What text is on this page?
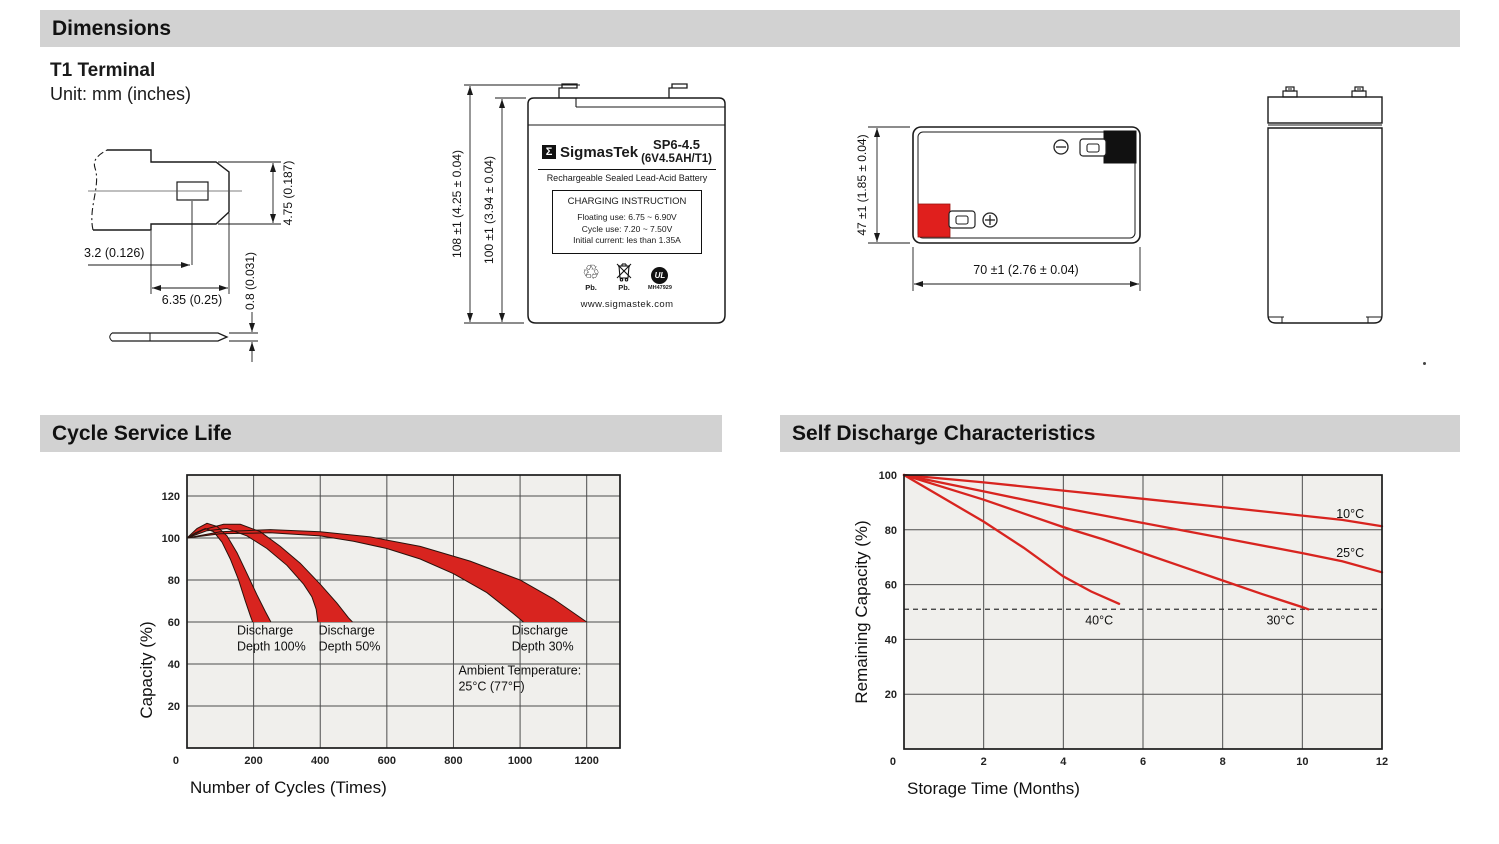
Dimensions
Cycle Service Life	Self Discharge Characteristics
T1 Terminal
Unit: mm (inches)
3.2 (0.126)
6.35 (0.25)
4.75 (0.187)
0.8 (0.031)
108 ±1 (4.25 ± 0.04) 100 ±1 (3.94 ± 0.04)	47 ±1 (1.85 ± 0.04)
70 ±1 (2.76 ± 0.04)
Σ SigmasTek	SP6-4.5
(6V4.5AH/T1)
Rechargeable Sealed Lead-Acid Battery
CHARGING INSTRUCTION
Floating use: 6.75 ~ 6.90V
Cycle use: 7.20 ~ 7.50V
Initial current: les than 1.35A
♲
Pb.	Pb.
UL
MH47929
www.sigmastek.com
200	400	600	800	1000	1200
20
40
60
80
100
120
0
Discharge
Depth 100%
Discharge
Depth 50%
Discharge
Depth 30%
Ambient Temperature:
25°C (77°F)
Number of Cycles (Times)
Capacity (%)
2	4	6	8	10	12
20
40
60
80
100
0
10°C
25°C
40°C	30°C
Storage Time (Months)
Remaining Capacity (%)
